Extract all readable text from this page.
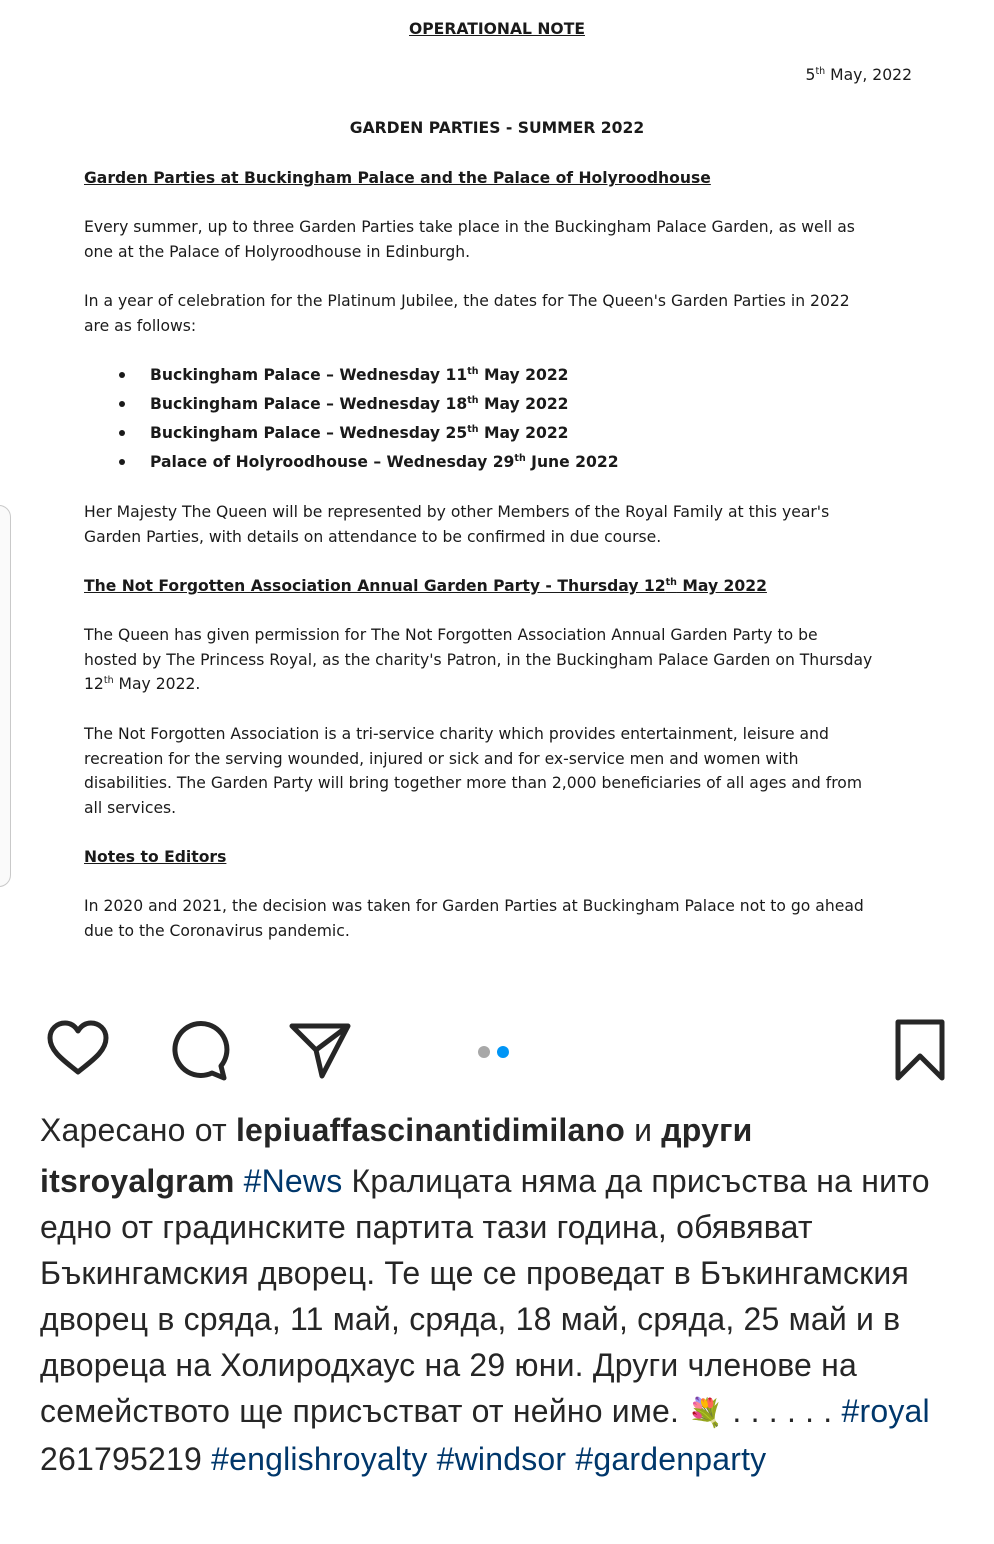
OPERATIONAL NOTE

5th May, 2022

GARDEN PARTIES - SUMMER 2022

Garden Parties at Buckingham Palace and the Palace of Holyroodhouse

Every summer, up to three Garden Parties take place in the Buckingham Palace Garden, as well as
one at the Palace of Holyroodhouse in Edinburgh.

In a year of celebration for the Platinum Jubilee, the dates for The Queen's Garden Parties in 2022
are as follows:

Buckingham Palace – Wednesday 11th May 2022
Buckingham Palace – Wednesday 18th May 2022
Buckingham Palace – Wednesday 25th May 2022
Palace of Holyroodhouse – Wednesday 29th June 2022

Her Majesty The Queen will be represented by other Members of the Royal Family at this year's
Garden Parties, with details on attendance to be confirmed in due course.

The Not Forgotten Association Annual Garden Party - Thursday 12th May 2022

The Queen has given permission for The Not Forgotten Association Annual Garden Party to be
hosted by The Princess Royal, as the charity's Patron, in the Buckingham Palace Garden on Thursday
12th May 2022.

The Not Forgotten Association is a tri-service charity which provides entertainment, leisure and
recreation for the serving wounded, injured or sick and for ex-service men and women with
disabilities. The Garden Party will bring together more than 2,000 beneficiaries of all ages and from
all services.

Notes to Editors

In 2020 and 2021, the decision was taken for Garden Parties at Buckingham Palace not to go ahead
due to the Coronavirus pandemic.

Харесано от lepiuaffascinantidimilano и други
itsroyalgram #News Кралицата няма да присъства на нито едно от градинските партита тази година, обявяват Бъкингамския дворец. Те ще се проведат в Бъкингамския дворец в сряда, 11 май, сряда, 18 май, сряда, 25 май и в двореца на Холиродхаус на 29 юни. Други членове на семейството ще присъстват от нейно име. 💐 . . . . . . #royal261795219 #englishroyalty #windsor #gardenparty
